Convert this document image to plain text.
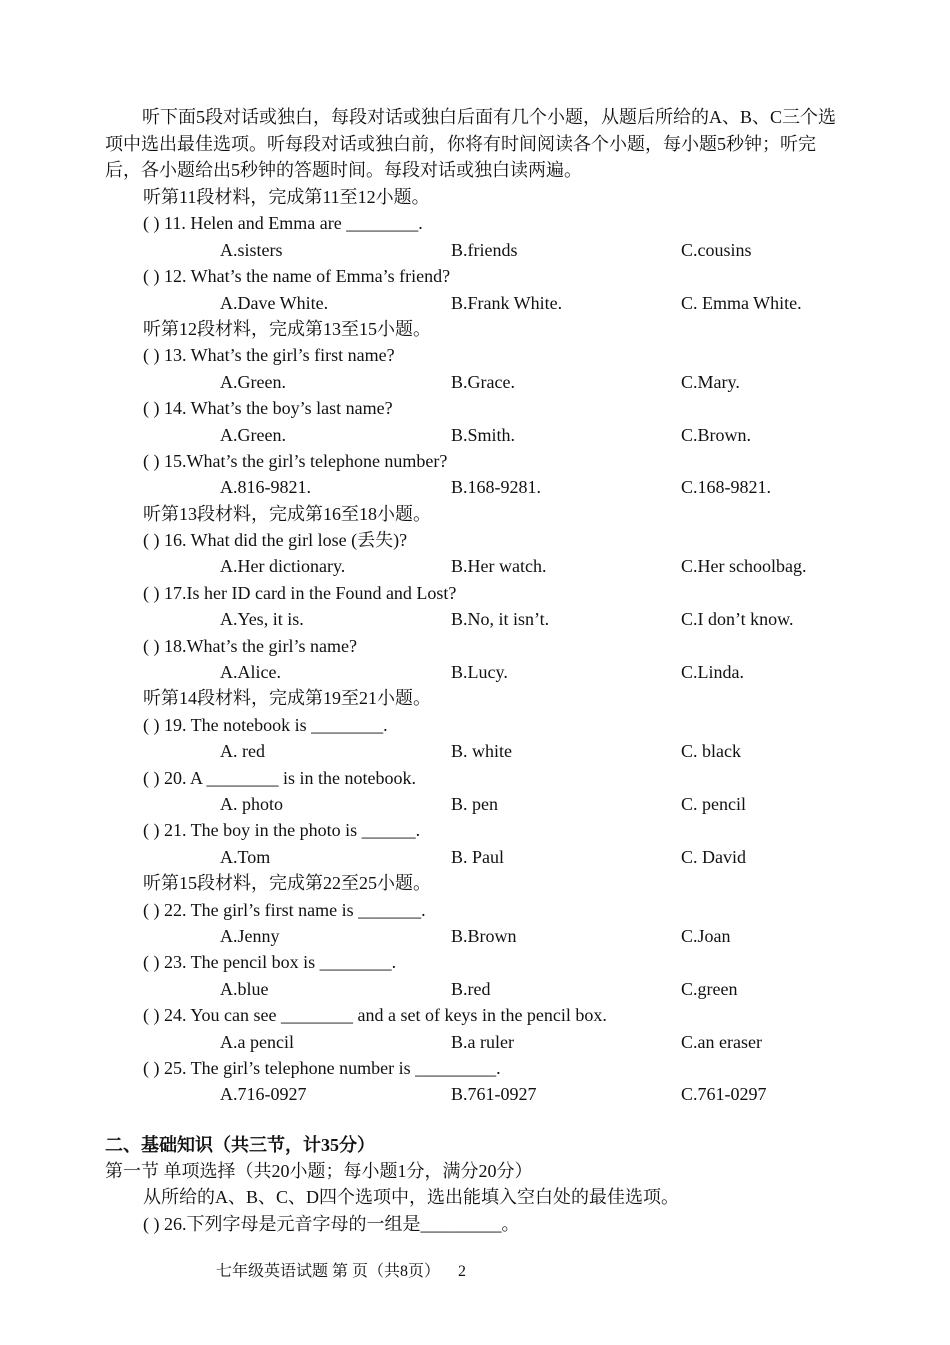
听下面5段对话或独白，每段对话或独白后面有几个小题，从题后所给的A、B、C三个选项中选出最佳选项。听每段对话或独白前，你将有时间阅读各个小题，每小题5秒钟；听完后，各小题给出5秒钟的答题时间。每段对话或独白读两遍。

听第11段材料，完成第11至12小题。
( ) 11. Helen and Emma are ________.
A.sisters	B.friends	C.cousins
( ) 12. What’s the name of Emma’s friend?
A.Dave White.	B.Frank White.	C. Emma White.
听第12段材料，完成第13至15小题。
( ) 13. What’s the girl’s first name?
A.Green.	B.Grace.	C.Mary.
( ) 14. What’s the boy’s last name?
A.Green.	B.Smith.	C.Brown.
( ) 15.What’s the girl’s telephone number?
A.816-9821.	B.168-9281.	C.168-9821.
听第13段材料，完成第16至18小题。
( ) 16. What did the girl lose (丢失)?
A.Her dictionary.	B.Her watch.	C.Her schoolbag.
( ) 17.Is her ID card in the Found and Lost?
A.Yes, it is.	B.No, it isn’t.	C.I don’t know.
( ) 18.What’s the girl’s name?
A.Alice.	B.Lucy.	C.Linda.
听第14段材料，完成第19至21小题。
( ) 19. The notebook is ________.
A. red	B. white	C. black
( ) 20. A ________ is in the notebook.
A. photo	B. pen	C. pencil
( ) 21. The boy in the photo is ______.
A.Tom	B. Paul	C. David
听第15段材料，完成第22至25小题。
( ) 22. The girl’s first name is _______.
A.Jenny	B.Brown	C.Joan
( ) 23. The pencil box is ________.
A.blue	B.red	C.green
( ) 24. You can see ________ and a set of keys in the pencil box.
A.a pencil	B.a ruler	C.an eraser
( ) 25. The girl’s telephone number is _________.
A.716-0927	B.761-0927	C.761-0297
二、基础知识（共三节，计35分）
第一节 单项选择（共20小题；每小题1分，满分20分）
从所给的A、B、C、D四个选项中，选出能填入空白处的最佳选项。
( ) 26.下列字母是元音字母的一组是_________。
七年级英语试题 第 页（共8页） 2
